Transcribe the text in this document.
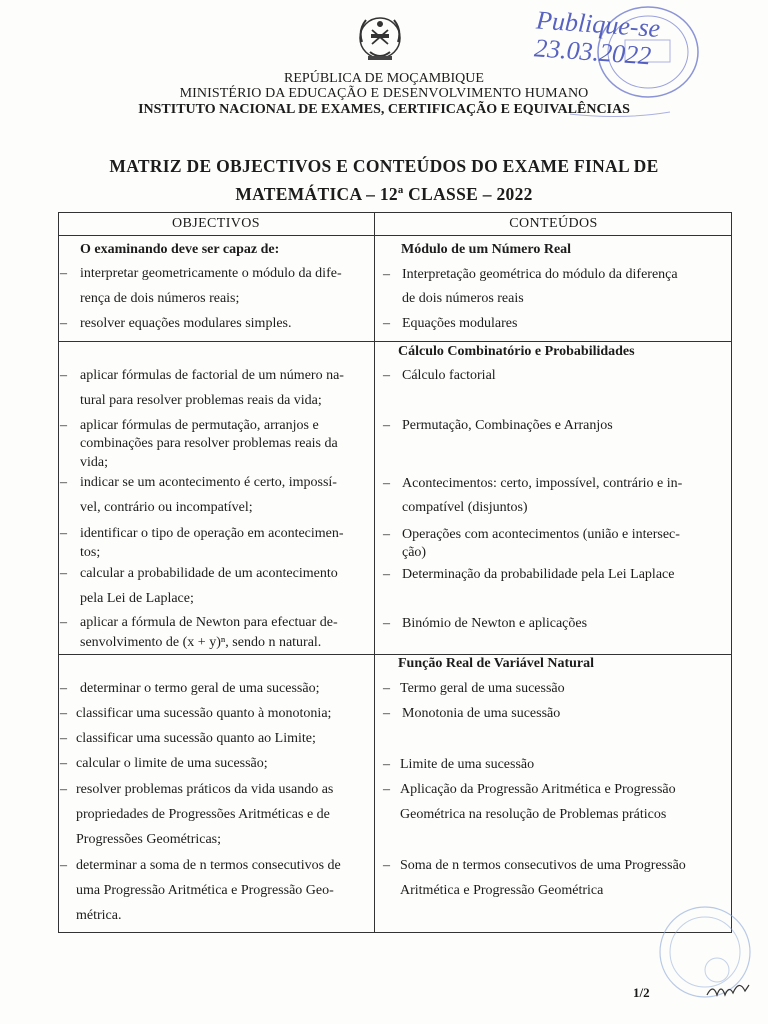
REPÚBLICA DE MOÇAMBIQUE
MINISTÉRIO DA EDUCAÇÃO E DESENVOLVIMENTO HUMANO
INSTITUTO NACIONAL DE EXAMES, CERTIFICAÇÃO E EQUIVALÊNCIAS
Publique-se 23.03.2022
MATRIZ DE OBJECTIVOS E CONTEÚDOS DO EXAME FINAL DE
MATEMÁTICA – 12ª CLASSE – 2022
OBJECTIVOS	CONTEÚDOS
O examinando deve ser capaz de:	Módulo de um Número Real
– interpretar geometricamente o módulo da dife-
rença de dois números reais;
– resolver equações modulares simples.
– Interpretação geométrica do módulo da diferença
de dois números reais
– Equações modulares
Cálculo Combinatório e Probabilidades
– aplicar fórmulas de factorial de um número na-
tural para resolver problemas reais da vida;
– aplicar fórmulas de permutação, arranjos e
combinações para resolver problemas reais da
vida;
– indicar se um acontecimento é certo, impossí-
vel, contrário ou incompatível;
– identificar o tipo de operação em acontecimen-
tos;
– calcular a probabilidade de um acontecimento
pela Lei de Laplace;
– aplicar a fórmula de Newton para efectuar de-
senvolvimento de (x + y)ⁿ, sendo n natural.
– Cálculo factorial
– Permutação, Combinações e Arranjos
– Acontecimentos: certo, impossível, contrário e in-
compatível (disjuntos)
– Operações com acontecimentos (união e intersec-
ção)
– Determinação da probabilidade pela Lei Laplace
– Binómio de Newton e aplicações
Função Real de Variável Natural
– determinar o termo geral de uma sucessão;
– classificar uma sucessão quanto à monotonia;
– classificar uma sucessão quanto ao Limite;
– calcular o limite de uma sucessão;
– resolver problemas práticos da vida usando as
propriedades de Progressões Aritméticas e de
Progressões Geométricas;
– determinar a soma de n termos consecutivos de
uma Progressão Aritmética e Progressão Geo-
métrica.
– Termo geral de uma sucessão
– Monotonia de uma sucessão
– Limite de uma sucessão
– Aplicação da Progressão Aritmética e Progressão
Geométrica na resolução de Problemas práticos
– Soma de n termos consecutivos de uma Progressão
Aritmética e Progressão Geométrica
1/2
